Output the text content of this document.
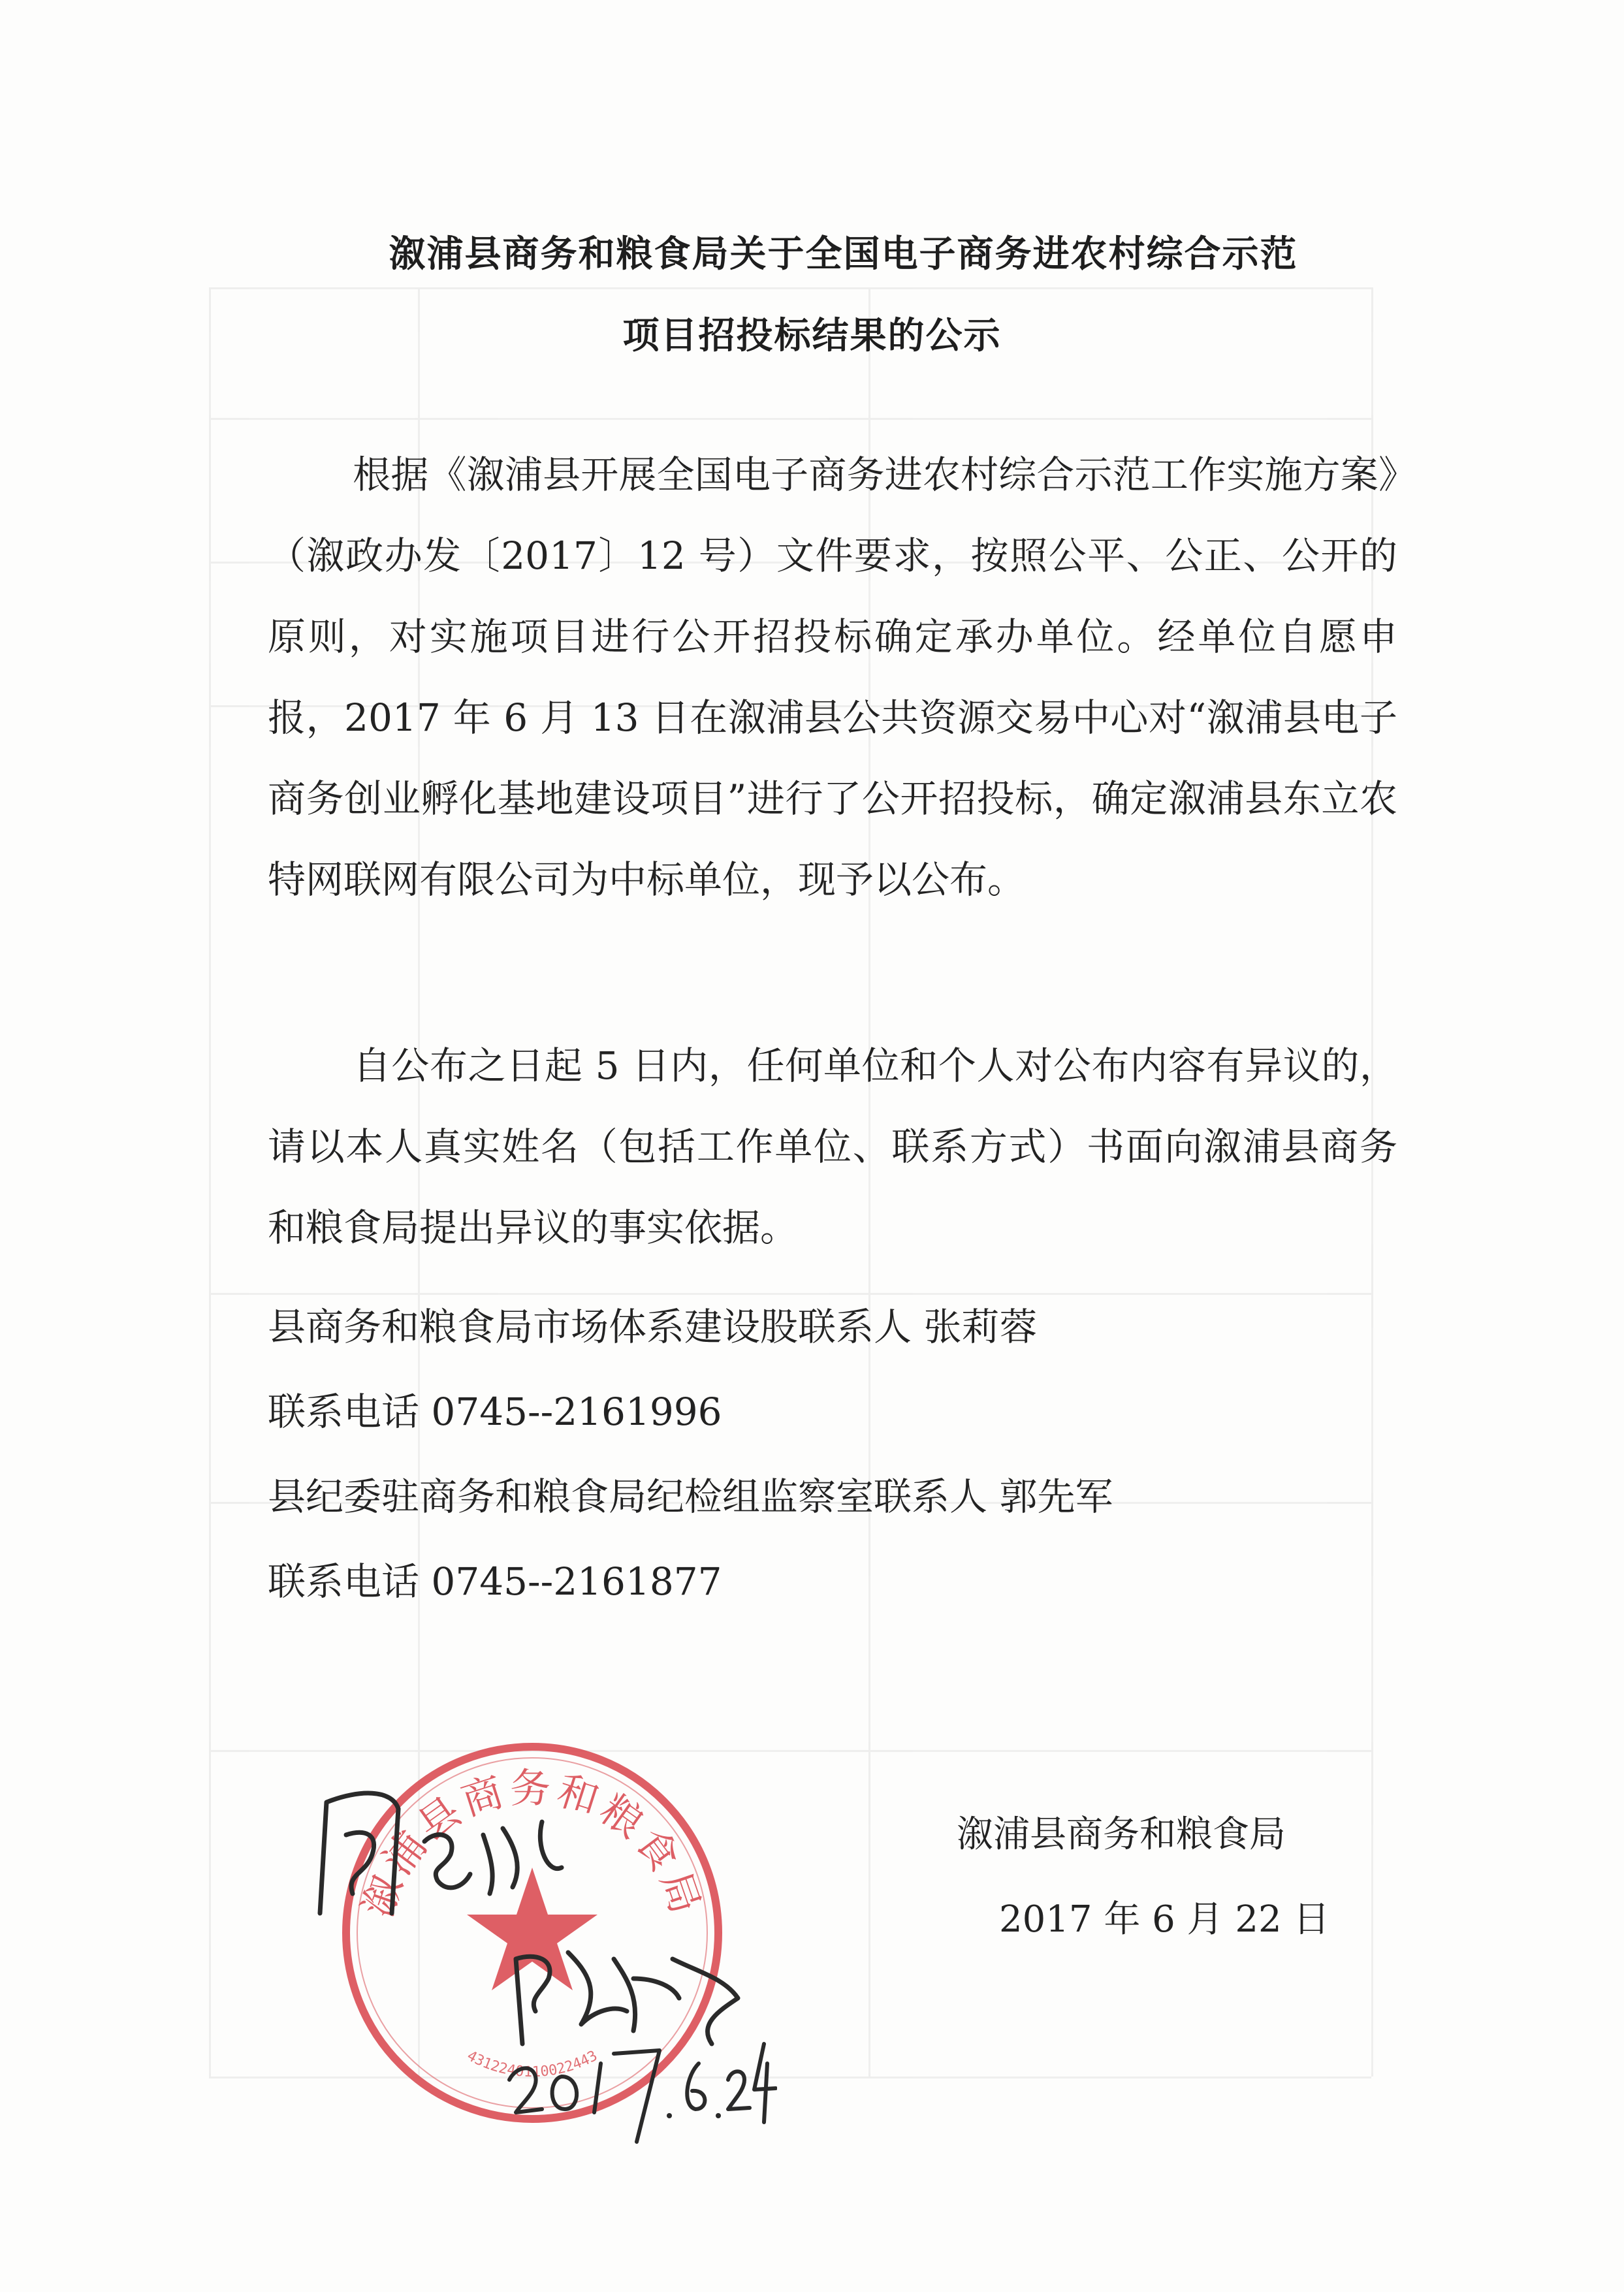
溆浦县商务和粮食局关于全国电子商务进农村综合示范
项目招投标结果的公示
根据《溆浦县开展全国电子商务进农村综合示范工作实施方案》（溆政办发〔2017〕12 号）文件要求，按照公平、公正、公开的原则，对实施项目进行公开招投标确定承办单位。经单位自愿申报，2017 年 6 月 13 日在溆浦县公共资源交易中心对“溆浦县电子商务创业孵化基地建设项目”进行了公开招投标，确定溆浦县东立农特网联网有限公司为中标单位，现予以公布。
自公布之日起 5 日内，任何单位和个人对公布内容有异议的，请以本人真实姓名（包括工作单位、联系方式）书面向溆浦县商务和粮食局提出异议的事实依据。
县商务和粮食局市场体系建设股联系人 张莉蓉
联系电话 0745--2161996
县纪委驻商务和粮食局纪检组监察室联系人 郭先军
联系电话 0745--2161877
溆浦县商务和粮食局
2017 年 6 月 22 日
溆浦县商务和粮食局
4312240110022443
